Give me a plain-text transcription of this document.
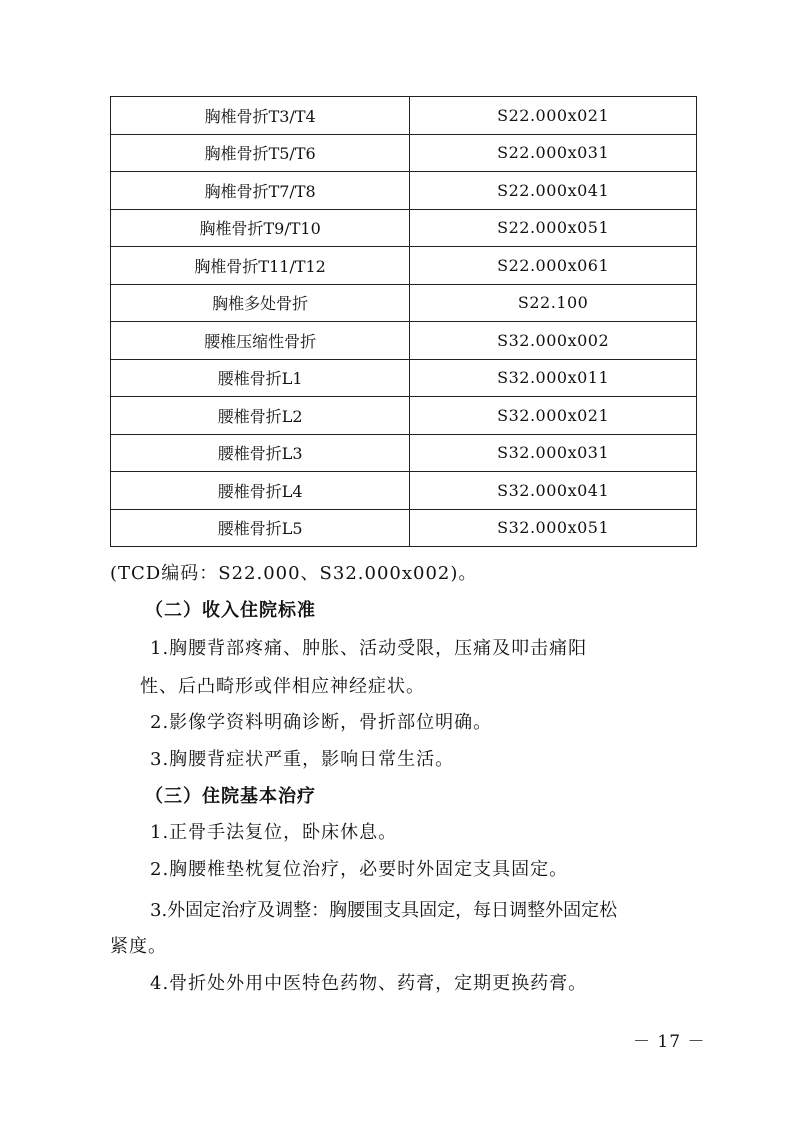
胸椎骨折T3/T4	S22.000x021
胸椎骨折T5/T6	S22.000x031
胸椎骨折T7/T8	S22.000x041
胸椎骨折T9/T10	S22.000x051
胸椎骨折T11/T12	S22.000x061
胸椎多处骨折	S22.100
腰椎压缩性骨折	S32.000x002
腰椎骨折L1	S32.000x011
腰椎骨折L2	S32.000x021
腰椎骨折L3	S32.000x031
腰椎骨折L4	S32.000x041
腰椎骨折L5	S32.000x051
(TCD编码：S22.000、S32.000x002)。
（二）收入住院标准
1.胸腰背部疼痛、肿胀、活动受限，压痛及叩击痛阳
性、后凸畸形或伴相应神经症状。
2.影像学资料明确诊断，骨折部位明确。
3.胸腰背症状严重，影响日常生活。
（三）住院基本治疗
1.正骨手法复位，卧床休息。
2.胸腰椎垫枕复位治疗，必要时外固定支具固定。
3.外固定治疗及调整：胸腰围支具固定，每日调整外固定松
紧度。
4.骨折处外用中医特色药物、药膏，定期更换药膏。
－ 17 －
